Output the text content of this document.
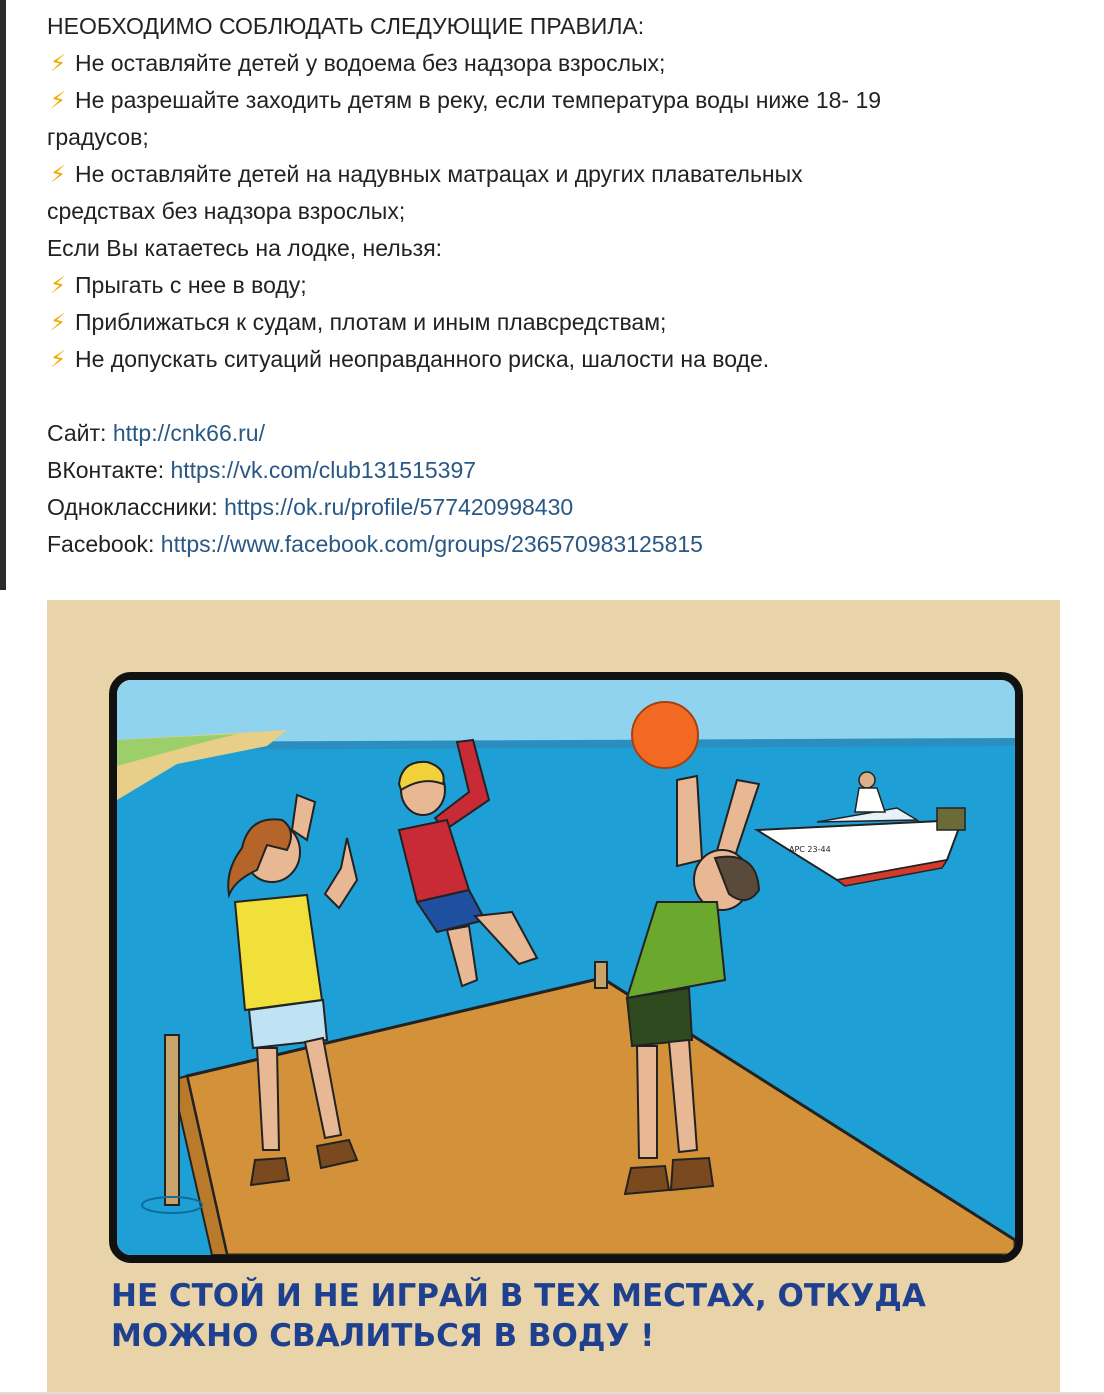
НЕОБХОДИМО СОБЛЮДАТЬ СЛЕДУЮЩИЕ ПРАВИЛА:
⚡ Не оставляйте детей у водоема без надзора взрослых;
⚡ Не разрешайте заходить детям в реку, если температура воды ниже 18- 19
градусов;
⚡ Не оставляйте детей на надувных матрацах и других плавательных
средствах без надзора взрослых;
Если Вы катаетесь на лодке, нельзя:
⚡ Прыгать с нее в воду;
⚡ Приближаться к судам, плотам и иным плавсредствам;
⚡ Не допускать ситуаций неоправданного риска, шалости на воде.
Сайт: http://cnk66.ru/
ВКонтакте: https://vk.com/club131515397
Одноклассники: https://ok.ru/profile/577420998430
Facebook: https://www.facebook.com/groups/236570983125815
АРС 23-44
НЕ СТОЙ И НЕ ИГРАЙ В ТЕХ МЕСТАХ, ОТКУДА
МОЖНО СВАЛИТЬСЯ В ВОДУ !
